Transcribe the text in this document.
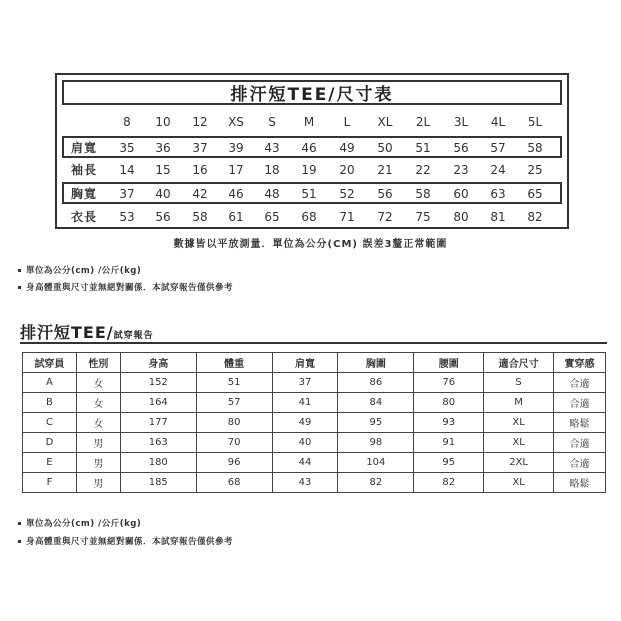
排汗短TEE/尺寸表
8	10	12	XS	S	M	L	XL	2L	3L	4L	5L
肩寬	35	36	37	39	43	46	49	50	51	56	57	58
袖長	14	15	16	17	18	19	20	21	22	23	24	25
胸寬	37	40	42	46	48	51	52	56	58	60	63	65
衣長	53	56	58	61	65	68	71	72	75	80	81	82
數據皆以平放測量．單位為公分(CM) 誤差3釐正常範圍
單位為公分(cm) /公斤(kg)
身高體重與尺寸並無絕對關係．本試穿報告僅供參考
排汗短TEE/試穿報告
試穿員	性別	身高	體重	肩寬	胸圍	腰圍	適合尺寸	實穿感
A	女	152	51	37	86	76	S	合適
B	女	164	57	41	84	80	M	合適
C	女	177	80	49	95	93	XL	略鬆
D	男	163	70	40	98	91	XL	合適
E	男	180	96	44	104	95	2XL	合適
F	男	185	68	43	82	82	XL	略鬆
單位為公分(cm) /公斤(kg)
身高體重與尺寸並無絕對關係．本試穿報告僅供參考
